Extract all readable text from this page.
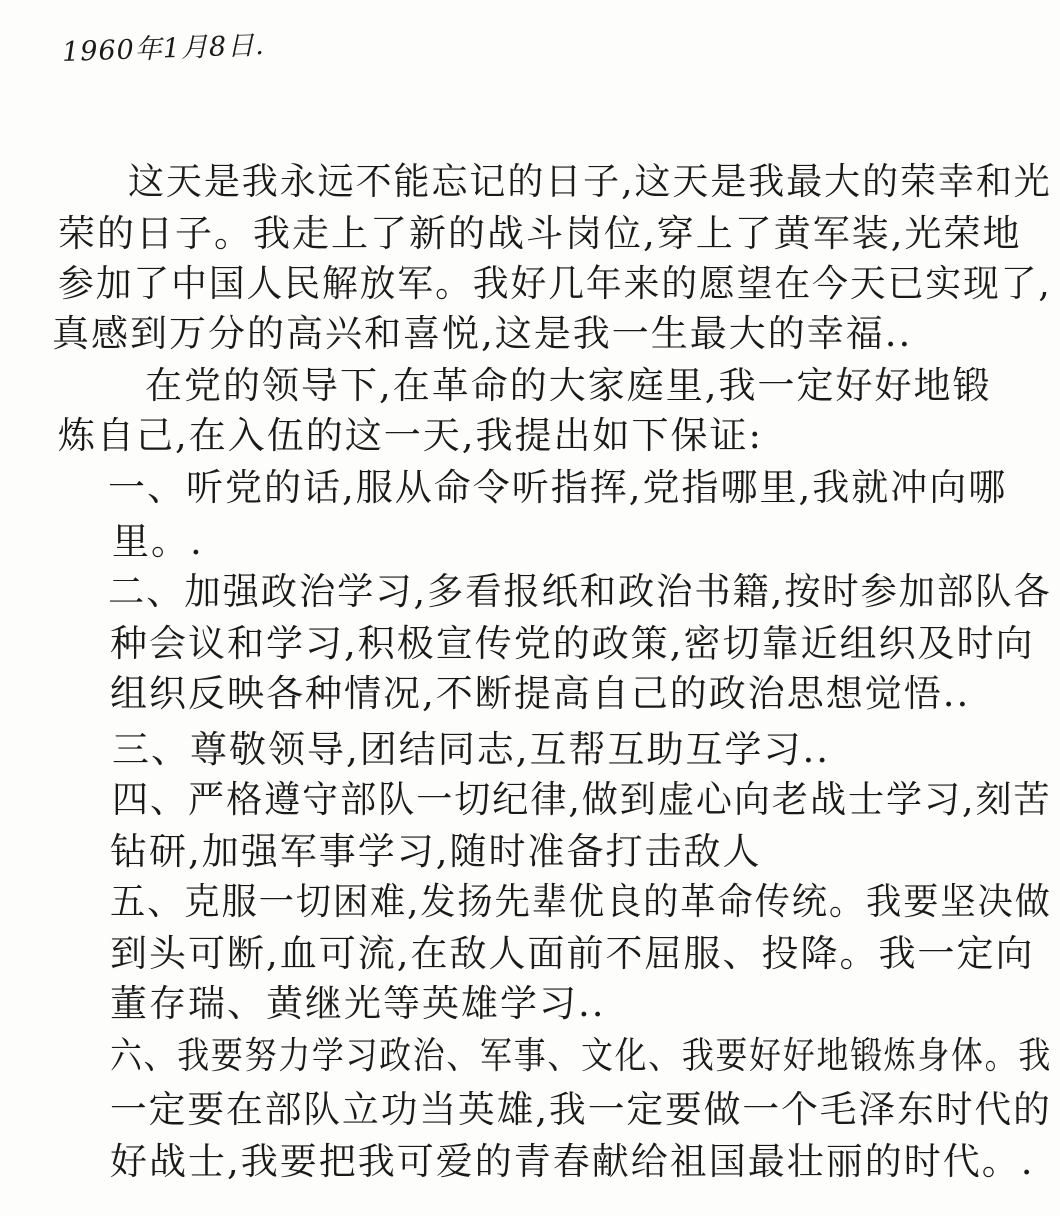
1960年1月8日.
这天是我永远不能忘记的日子,这天是我最大的荣幸和光
荣的日子。我走上了新的战斗岗位,穿上了黄军装,光荣地
参加了中国人民解放军。我好几年来的愿望在今天已实现了,
真感到万分的高兴和喜悦,这是我一生最大的幸福..
在党的领导下,在革命的大家庭里,我一定好好地锻
炼自己,在入伍的这一天,我提出如下保证:
一、听党的话,服从命令听指挥,党指哪里,我就冲向哪
里。.
二、加强政治学习,多看报纸和政治书籍,按时参加部队各
种会议和学习,积极宣传党的政策,密切靠近组织及时向
组织反映各种情况,不断提高自己的政治思想觉悟..
三、尊敬领导,团结同志,互帮互助互学习..
四、严格遵守部队一切纪律,做到虚心向老战士学习,刻苦
钻研,加强军事学习,随时准备打击敌人
五、克服一切困难,发扬先辈优良的革命传统。我要坚决做
到头可断,血可流,在敌人面前不屈服、投降。我一定向
董存瑞、黄继光等英雄学习..
六、我要努力学习政治、军事、文化、我要好好地锻炼身体。我
一定要在部队立功当英雄,我一定要做一个毛泽东时代的
好战士,我要把我可爱的青春献给祖国最壮丽的时代。.
